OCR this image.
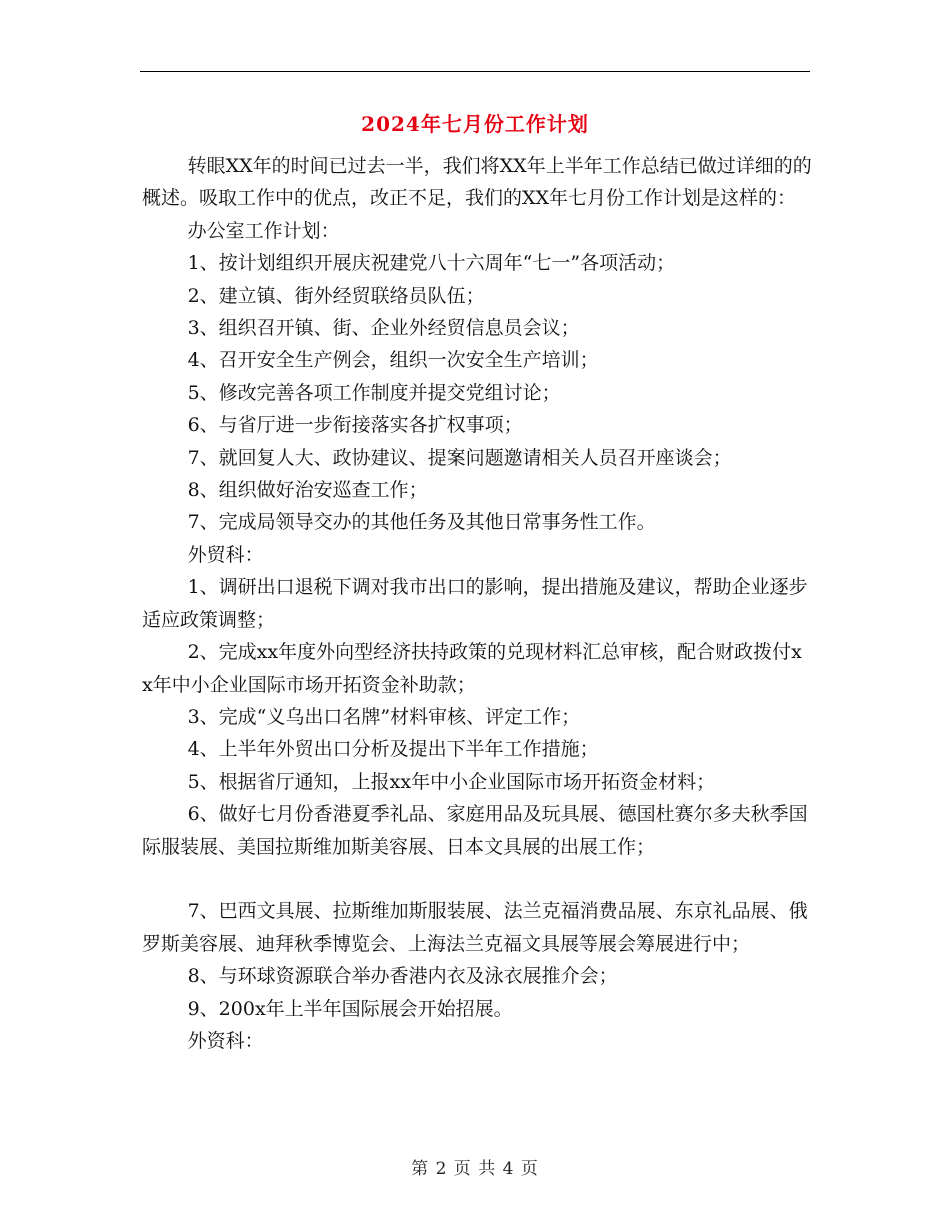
2024年七月份工作计划

转眼XX年的时间已过去一半，我们将XX年上半年工作总结已做过详细的的概述。吸取工作中的优点，改正不足，我们的XX年七月份工作计划是这样的：

办公室工作计划：

1、按计划组织开展庆祝建党八十六周年“七一”各项活动；

2、建立镇、街外经贸联络员队伍；

3、组织召开镇、街、企业外经贸信息员会议；

4、召开安全生产例会，组织一次安全生产培训；

5、修改完善各项工作制度并提交党组讨论；

6、与省厅进一步衔接落实各扩权事项；

7、就回复人大、政协建议、提案问题邀请相关人员召开座谈会；

8、组织做好治安巡查工作；

7、完成局领导交办的其他任务及其他日常事务性工作。

外贸科：

1、调研出口退税下调对我市出口的影响，提出措施及建议，帮助企业逐步适应政策调整；

2、完成xx年度外向型经济扶持政策的兑现材料汇总审核，配合财政拨付xx年中小企业国际市场开拓资金补助款；

3、完成“义乌出口名牌”材料审核、评定工作；

4、上半年外贸出口分析及提出下半年工作措施；

5、根据省厅通知，上报xx年中小企业国际市场开拓资金材料；

6、做好七月份香港夏季礼品、家庭用品及玩具展、德国杜赛尔多夫秋季国际服装展、美国拉斯维加斯美容展、日本文具展的出展工作；

7、巴西文具展、拉斯维加斯服装展、法兰克福消费品展、东京礼品展、俄罗斯美容展、迪拜秋季博览会、上海法兰克福文具展等展会筹展进行中；

8、与环球资源联合举办香港内衣及泳衣展推介会；

9、200x年上半年国际展会开始招展。

外资科：

第 2 页 共 4 页
